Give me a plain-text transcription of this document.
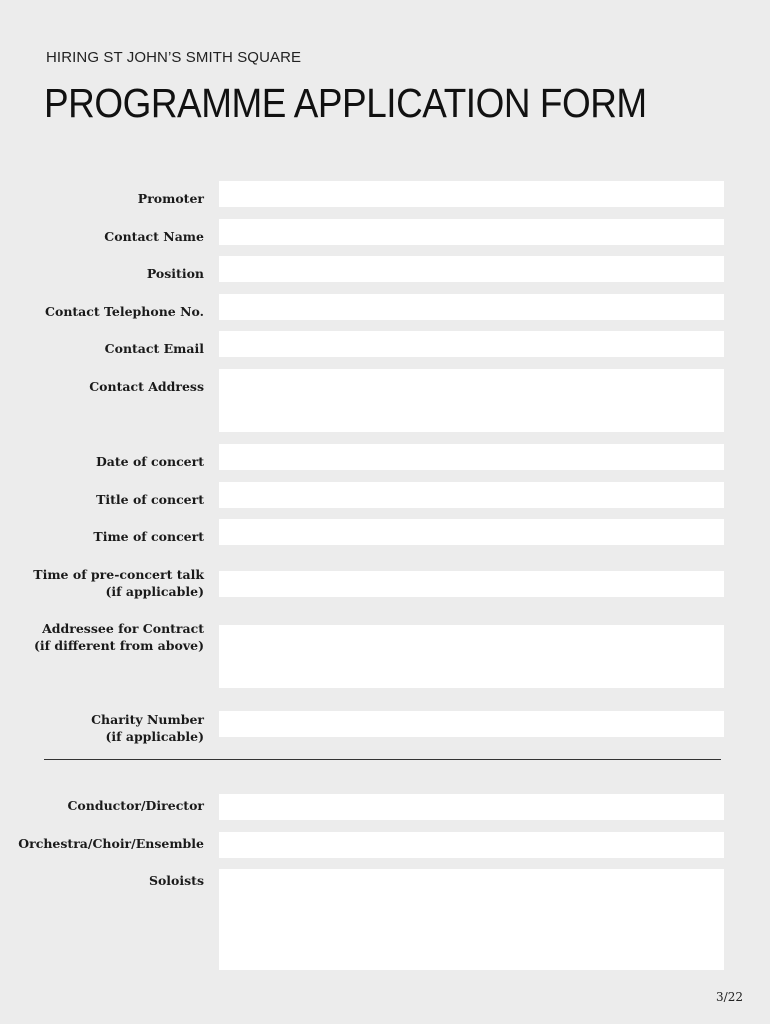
HIRING ST JOHN’S SMITH SQUARE
PROGRAMME APPLICATION FORM
Promoter
Contact Name
Position
Contact Telephone No.
Contact Email
Contact Address
Date of concert
Title of concert
Time of concert
Time of pre-concert talk
(if applicable)
Addressee for Contract
(if different from above)
Charity Number
(if applicable)
Conductor/Director
Orchestra/Choir/Ensemble
Soloists
3/22
